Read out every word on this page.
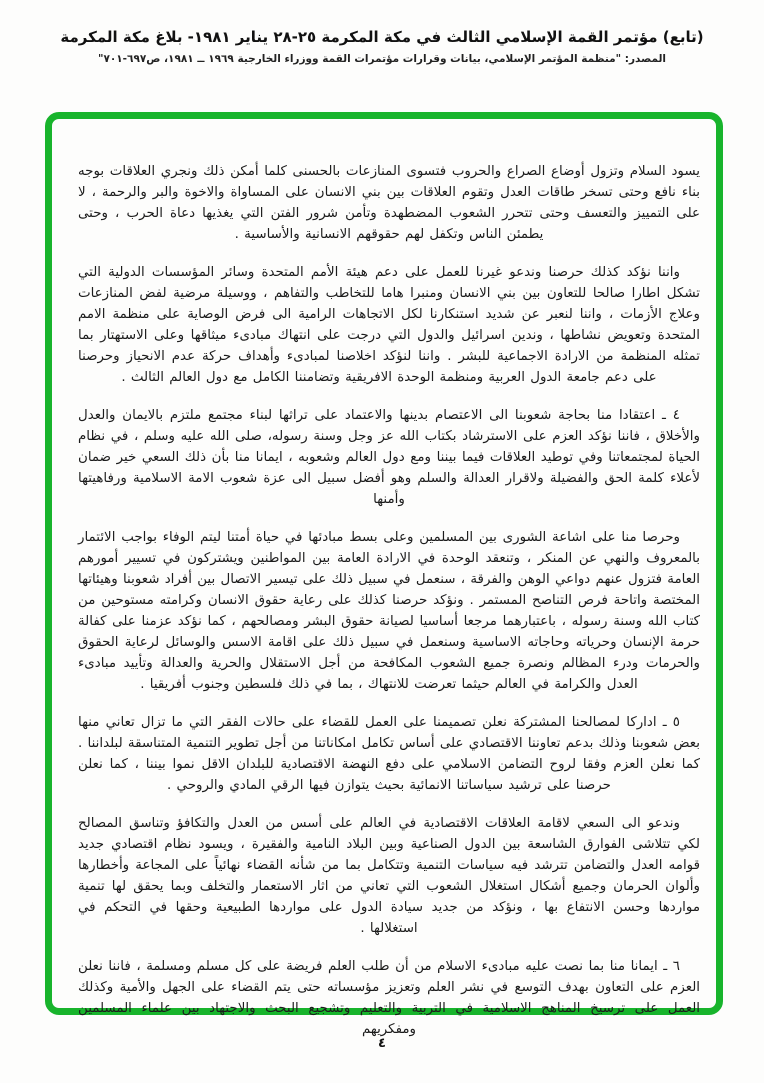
(تابع) مؤتمر القمة الإسلامي الثالث في مكة المكرمة ٢٥-٢٨ يناير ١٩٨١- بلاغ مكة المكرمة
المصدر: "منظمة المؤتمر الإسلامي، بيانات وقرارات مؤتمرات القمة ووزراء الخارجية ١٩٦٩ ــ ١٩٨١، ص٦٩٧-٧٠١"

يسود السلام وتزول أوضاع الصراع والحروب فتسوى المنازعات بالحسنى كلما أمكن ذلك ونجري العلاقات بوجه بناء نافع وحتى تسخر طاقات العدل وتقوم العلاقات بين بني الانسان على المساواة والاخوة والبر والرحمة ، لا على التمييز والتعسف وحتى تتحرر الشعوب المضطهدة وتأمن شرور الفتن التي يغذيها دعاة الحرب ، وحتى يطمئن الناس وتكفل لهم حقوقهم الانسانية والأساسية .

واننا نؤكد كذلك حرصنا وندعو غيرنا للعمل على دعم هيئة الأمم المتحدة وسائر المؤسسات الدولية التي تشكل اطارا صالحا للتعاون بين بني الانسان ومنبرا هاما للتخاطب والتفاهم ، ووسيلة مرضية لفض المنازعات وعلاج الأزمات ، واننا لنعبر عن شديد استنكارنا لكل الاتجاهات الرامية الى فرض الوصاية على منظمة الامم المتحدة وتعويض نشاطها ، وندين اسرائيل والدول التي درجت على انتهاك مبادىء ميثاقها وعلى الاستهتار بما تمثله المنظمة من الارادة الاجماعية للبشر . واننا لنؤكد اخلاصنا لمبادىء وأهداف حركة عدم الانحياز وحرصنا على دعم جامعة الدول العربية ومنظمة الوحدة الافريقية وتضامننا الكامل مع دول العالم الثالث .

٤ ـ اعتقادا منا بحاجة شعوبنا الى الاعتصام بدينها والاعتماد على تراثها لبناء مجتمع ملتزم بالايمان والعدل والأخلاق ، فاننا نؤكد العزم على الاسترشاد بكتاب الله عز وجل وسنة رسوله، صلى الله عليه وسلم ، في نظام الحياة لمجتمعاتنا وفي توطيد العلاقات فيما بيننا ومع دول العالم وشعوبه ، ايمانا منا بأن ذلك السعي خير ضمان لأعلاء كلمة الحق والفضيلة ولاقرار العدالة والسلم وهو أفضل سبيل الى عزة شعوب الامة الاسلامية ورفاهيتها وأمنها

وحرصا منا على اشاعة الشورى بين المسلمين وعلى بسط مبادئها في حياة أمتنا ليتم الوفاء بواجب الائتمار بالمعروف والنهي عن المنكر ، وتنعقد الوحدة في الارادة العامة بين المواطنين ويشتركون في تسيير أمورهم العامة فتزول عنهم دواعي الوهن والفرقة ، سنعمل في سبيل ذلك على تيسير الاتصال بين أفراد شعوبنا وهيئاتها المختصة واتاحة فرص التناصح المستمر . ونؤكد حرصنا كذلك على رعاية حقوق الانسان وكرامته مستوحين من كتاب الله وسنة رسوله ، باعتبارهما مرجعا أساسيا لصيانة حقوق البشر ومصالحهم ، كما نؤكد عزمنا على كفالة حرمة الإنسان وحرياته وحاجاته الاساسية وسنعمل في سبيل ذلك على اقامة الاسس والوسائل لرعاية الحقوق والحرمات ودرء المظالم ونصرة جميع الشعوب المكافحة من أجل الاستقلال والحرية والعدالة وتأييد مبادىء العدل والكرامة في العالم حيثما تعرضت للانتهاك ، بما في ذلك فلسطين وجنوب أفريقيا .

٥ ـ اداركا لمصالحنا المشتركة نعلن تصميمنا على العمل للقضاء على حالات الفقر التي ما تزال تعاني منها بعض شعوبنا وذلك بدعم تعاوننا الاقتصادي على أساس تكامل امكاناتنا من أجل تطوير التنمية المتناسقة لبلداننا . كما نعلن العزم وفقا لروح التضامن الاسلامي على دفع النهضة الاقتصادية للبلدان الاقل نموا بيننا ، كما نعلن حرصنا على ترشيد سياساتنا الانمائية بحيث يتوازن فيها الرقي المادي والروحي .

وندعو الى السعي لاقامة العلاقات الاقتصادية في العالم على أسس من العدل والتكافؤ وتناسق المصالح لكي تتلاشى الفوارق الشاسعة بين الدول الصناعية وبين البلاد النامية والفقيرة ، ويسود نظام اقتصادي جديد قوامه العدل والتضامن تترشد فيه سياسات التنمية وتتكامل بما من شأنه القضاء نهائياً على المجاعة وأخطارها وألوان الحرمان وجميع أشكال استغلال الشعوب التي تعاني من اثار الاستعمار والتخلف وبما يحقق لها تنمية مواردها وحسن الانتفاع بها ، ونؤكد من جديد سيادة الدول على مواردها الطبيعية وحقها في التحكم في استغلالها .

٦ ـ ايمانا منا بما نصت عليه مبادىء الاسلام من أن طلب العلم فريضة على كل مسلم ومسلمة ، فاننا نعلن العزم على التعاون بهدف التوسع في نشر العلم وتعزيز مؤسساته حتى يتم القضاء على الجهل والأمية وكذلك العمل على ترسيخ المناهج الاسلامية في التربية والتعليم وتشجيع البحث والاجتهاد بين علماء المسلمين ومفكريهم

٤
